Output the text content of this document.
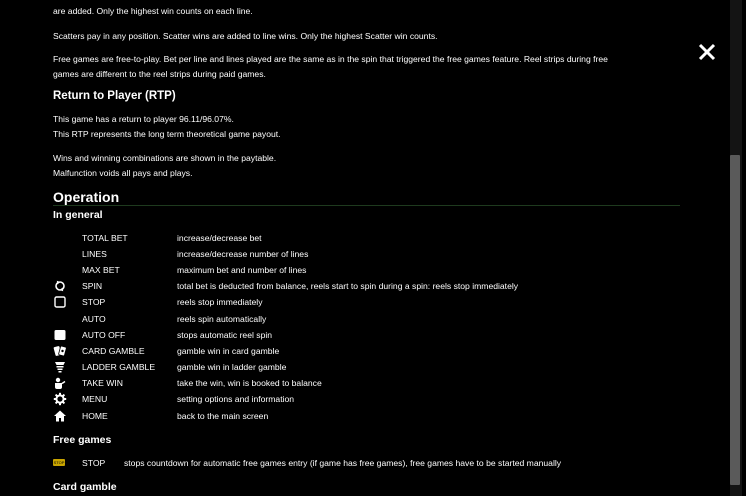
are added. Only the highest win counts on each line.
Scatters pay in any position. Scatter wins are added to line wins. Only the highest Scatter win counts.
Free games are free-to-play. Bet per line and lines played are the same as in the spin that triggered the free games feature. Reel strips during free
games are different to the reel strips during paid games.
Return to Player (RTP)
This game has a return to player 96.11/96.07%.
This RTP represents the long term theoretical game payout.
Wins and winning combinations are shown in the paytable.
Malfunction voids all pays and plays.
Operation
In general
TOTAL BET	increase/decrease bet
LINES	increase/decrease number of lines
MAX BET	maximum bet and number of lines
SPIN	total bet is deducted from balance, reels start to spin during a spin: reels stop immediately
STOP	reels stop immediately
AUTO	reels spin automatically
AUTO OFF	stops automatic reel spin
CARD GAMBLE	gamble win in card gamble
LADDER GAMBLE	gamble win in ladder gamble
TAKE WIN	take the win, win is booked to balance
MENU	setting options and information
HOME	back to the main screen
Free games
STOP STOP stops countdown for automatic free games entry (if game has free games), free games have to be started manually
Card gamble
